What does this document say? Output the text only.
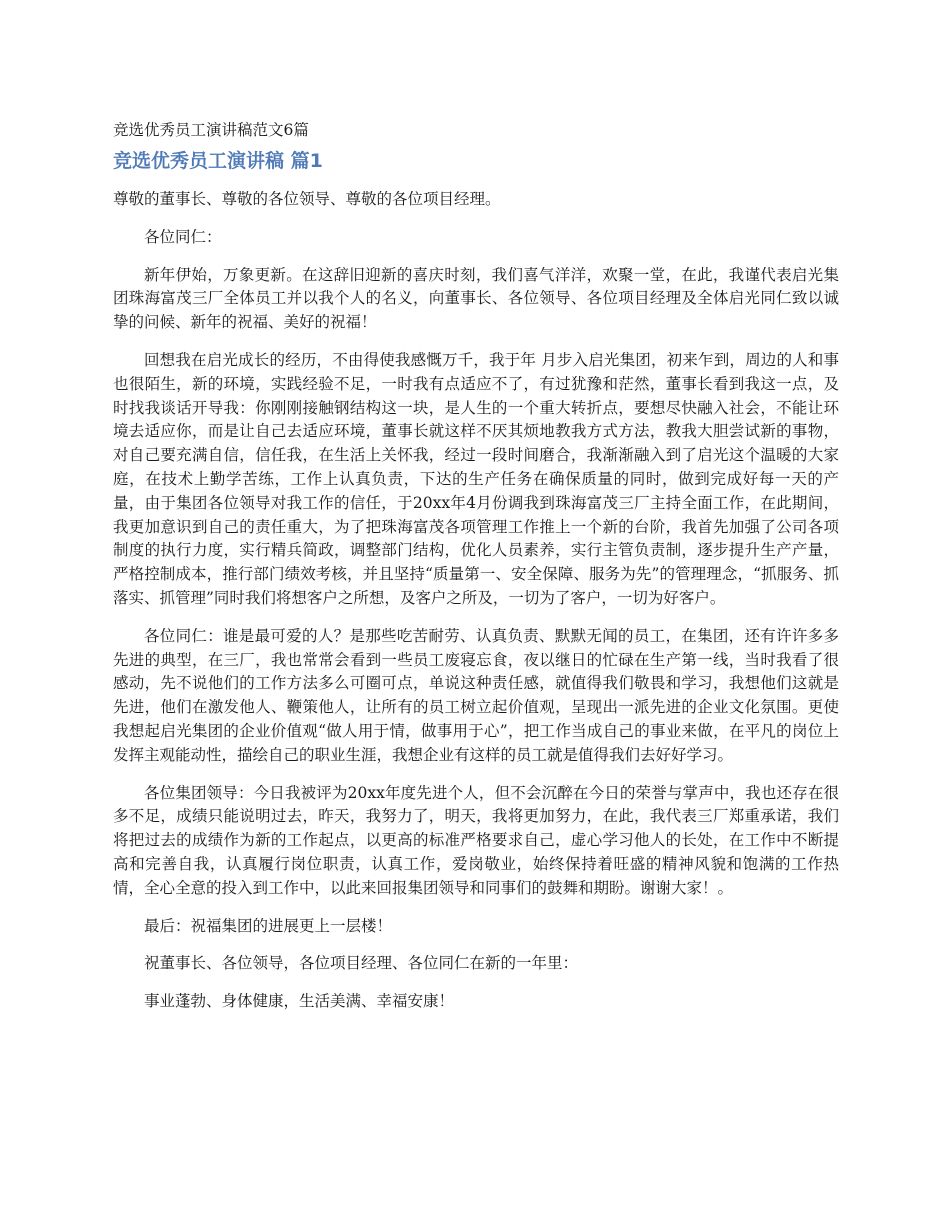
竞选优秀员工演讲稿范文6篇

竞选优秀员工演讲稿 篇1

尊敬的董事长、尊敬的各位领导、尊敬的各位项目经理。

各位同仁：

新年伊始，万象更新。在这辞旧迎新的喜庆时刻，我们喜气洋洋，欢聚一堂，在此，我谨代表启光集团珠海富茂三厂全体员工并以我个人的名义，向董事长、各位领导、各位项目经理及全体启光同仁致以诚挚的问候、新年的祝福、美好的祝福！

回想我在启光成长的经历，不由得使我感慨万千，我于年 月步入启光集团，初来乍到，周边的人和事也很陌生，新的环境，实践经验不足，一时我有点适应不了，有过犹豫和茫然，董事长看到我这一点，及时找我谈话开导我：你刚刚接触钢结构这一块，是人生的一个重大转折点，要想尽快融入社会，不能让环境去适应你，而是让自己去适应环境，董事长就这样不厌其烦地教我方式方法，教我大胆尝试新的事物，对自己要充满自信，信任我，在生活上关怀我，经过一段时间磨合，我渐渐融入到了启光这个温暖的大家庭，在技术上勤学苦练，工作上认真负责，下达的生产任务在确保质量的同时，做到完成好每一天的产量，由于集团各位领导对我工作的信任，于20xx年4月份调我到珠海富茂三厂主持全面工作，在此期间，我更加意识到自己的责任重大，为了把珠海富茂各项管理工作推上一个新的台阶，我首先加强了公司各项制度的执行力度，实行精兵简政，调整部门结构，优化人员素养，实行主管负责制，逐步提升生产产量，严格控制成本，推行部门绩效考核，并且坚持“质量第一、安全保障、服务为先”的管理理念，“抓服务、抓落实、抓管理”同时我们将想客户之所想，及客户之所及，一切为了客户，一切为好客户。

各位同仁：谁是最可爱的人？是那些吃苦耐劳、认真负责、默默无闻的员工，在集团，还有许许多多先进的典型，在三厂，我也常常会看到一些员工废寝忘食，夜以继日的忙碌在生产第一线，当时我看了很感动，先不说他们的工作方法多么可圈可点，单说这种责任感，就值得我们敬畏和学习，我想他们这就是先进，他们在激发他人、鞭策他人，让所有的员工树立起价值观，呈现出一派先进的企业文化氛围。更使我想起启光集团的企业价值观“做人用于情，做事用于心”，把工作当成自己的事业来做，在平凡的岗位上发挥主观能动性，描绘自己的职业生涯，我想企业有这样的员工就是值得我们去好好学习。

各位集团领导：今日我被评为20xx年度先进个人，但不会沉醉在今日的荣誉与掌声中，我也还存在很多不足，成绩只能说明过去，昨天，我努力了，明天，我将更加努力，在此，我代表三厂郑重承诺，我们将把过去的成绩作为新的工作起点，以更高的标准严格要求自己，虚心学习他人的长处，在工作中不断提高和完善自我，认真履行岗位职责，认真工作，爱岗敬业，始终保持着旺盛的精神风貌和饱满的工作热情，全心全意的投入到工作中，以此来回报集团领导和同事们的鼓舞和期盼。谢谢大家！。

最后：祝福集团的进展更上一层楼！

祝董事长、各位领导，各位项目经理、各位同仁在新的一年里：

事业蓬勃、身体健康，生活美满、幸福安康！
